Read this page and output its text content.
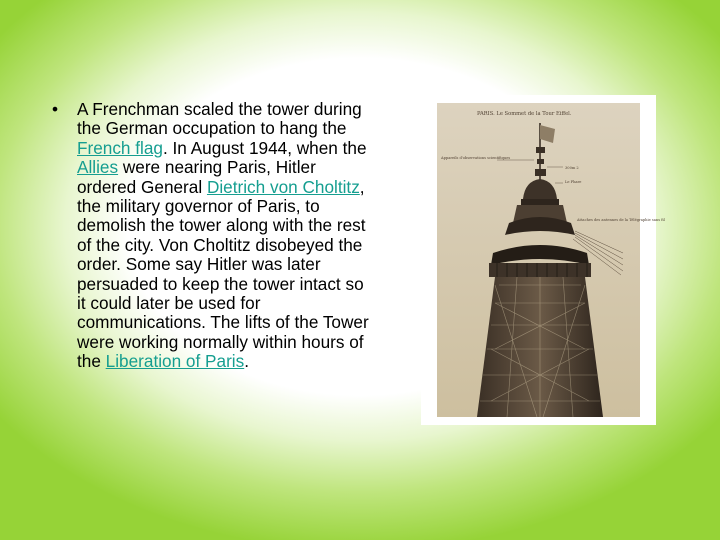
•	A Frenchman scaled the tower during the German occupation to hang the French flag. In August 1944, when the Allies were nearing Paris, Hitler ordered General Dietrich von Choltitz, the military governor of Paris, to demolish the tower along with the rest of the city. Von Choltitz disobeyed the order. Some say Hitler was later persuaded to keep the tower intact so it could later be used for communications. The lifts of the Tower were working normally within hours of the Liberation of Paris.
PARIS. Le Sommet de la Tour Eiffel.
Appareils d'observations scientifiques
300m 2
Le Phare
Attaches des antennes de la Télégraphie sans fil
